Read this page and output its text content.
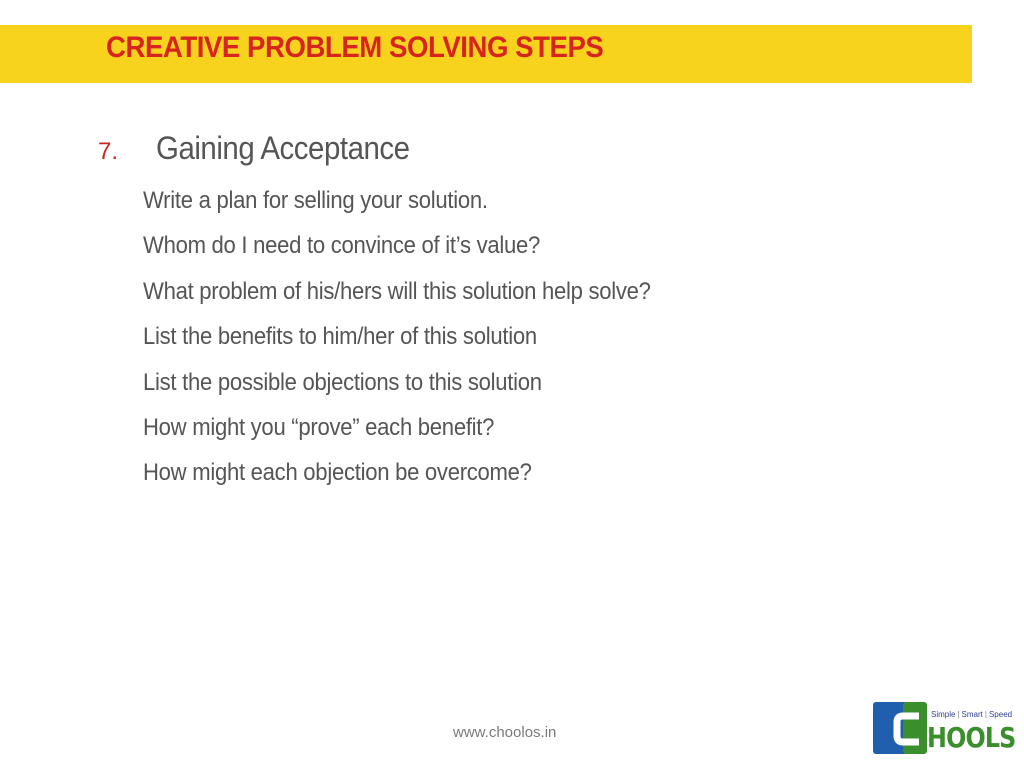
CREATIVE PROBLEM SOLVING STEPS
7. Gaining Acceptance
Write a plan for selling your solution.
Whom do I need to convince of it’s value?
What problem of his/hers will this solution help solve?
List the benefits to him/her of this solution
List the possible objections to this solution
How might you “prove” each benefit?
How might each objection be overcome?
www.choolos.in
Simple | Smart | Speed
HOOLS
